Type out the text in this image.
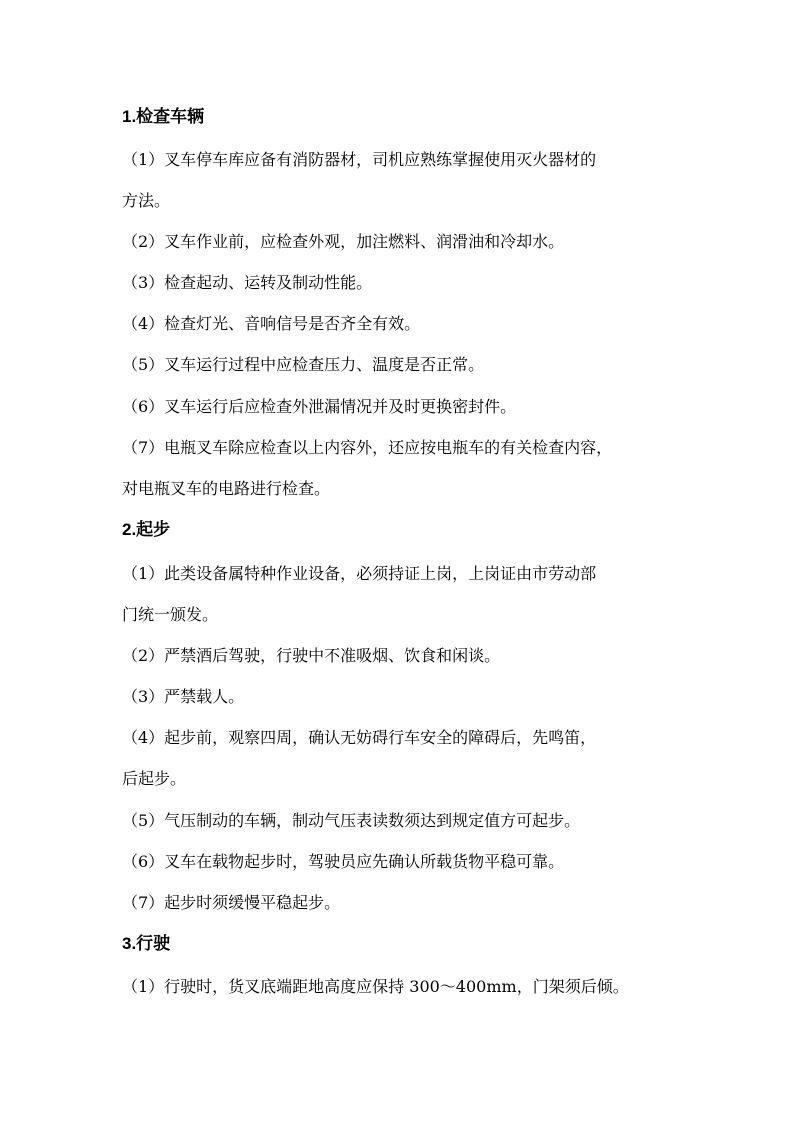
1.检查车辆
（1）叉车停车库应备有消防器材，司机应熟练掌握使用灭火器材的
方法。
（2）叉车作业前，应检查外观，加注燃料、润滑油和冷却水。
（3）检查起动、运转及制动性能。
（4）检查灯光、音响信号是否齐全有效。
（5）叉车运行过程中应检查压力、温度是否正常。
（6）叉车运行后应检查外泄漏情况并及时更换密封件。
（7）电瓶叉车除应检查以上内容外，还应按电瓶车的有关检查内容，
对电瓶叉车的电路进行检查。
2.起步
（1）此类设备属特种作业设备，必须持证上岗，上岗证由市劳动部
门统一颁发。
（2）严禁酒后驾驶，行驶中不准吸烟、饮食和闲谈。
（3）严禁载人。
（4）起步前，观察四周，确认无妨碍行车安全的障碍后，先鸣笛，
后起步。
（5）气压制动的车辆，制动气压表读数须达到规定值方可起步。
（6）叉车在载物起步时，驾驶员应先确认所载货物平稳可靠。
（7）起步时须缓慢平稳起步。
3.行驶
（1）行驶时，货叉底端距地高度应保持 300～400mm，门架须后倾。
